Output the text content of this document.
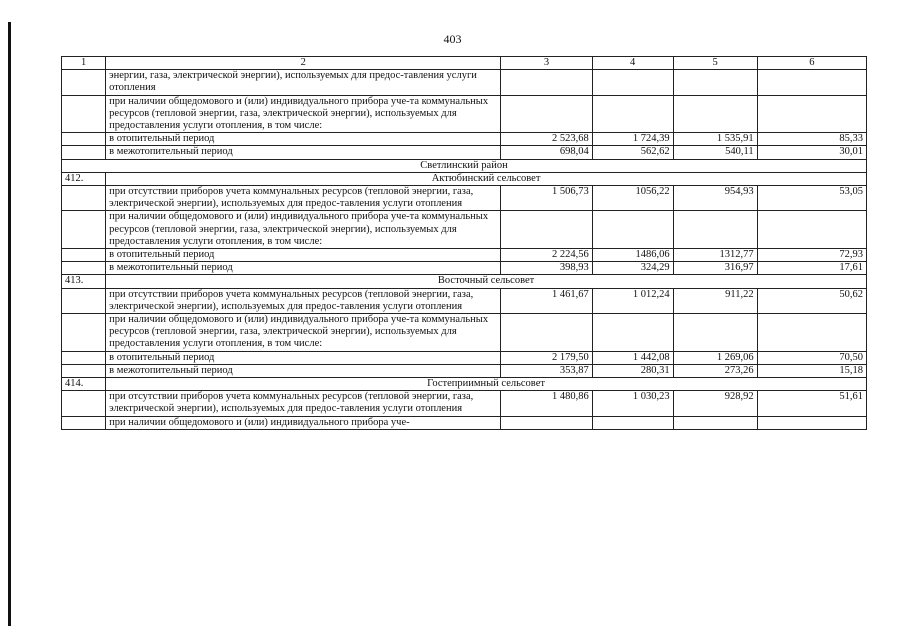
403
1	2	3	4	5	6
	энергии, газа, электрической энергии), используемых для предос-тавления услуги отопления				
	при наличии общедомового и (или) индивидуального прибора уче-та коммунальных ресурсов (тепловой энергии, газа, электрической энергии), используемых для предоставления услуги отопления, в том числе:				
	в отопительный период	2 523,68	1 724,39	1 535,91	85,33
	в межотопительный период	698,04	562,62	540,11	30,01
Светлинский район					
412.	Актюбинский сельсовет				
	при отсутствии приборов учета коммунальных ресурсов (тепловой энергии, газа, электрической энергии), используемых для предос-тавления услуги отопления	1 506,73	1056,22	954,93	53,05
	при наличии общедомового и (или) индивидуального прибора уче-та коммунальных ресурсов (тепловой энергии, газа, электрической энергии), используемых для предоставления услуги отопления, в том числе:				
	в отопительный период	2 224,56	1486,06	1312,77	72,93
	в межотопительный период	398,93	324,29	316,97	17,61
413.	Восточный сельсовет				
	при отсутствии приборов учета коммунальных ресурсов (тепловой энергии, газа, электрической энергии), используемых для предос-тавления услуги отопления	1 461,67	1 012,24	911,22	50,62
	при наличии общедомового и (или) индивидуального прибора уче-та коммунальных ресурсов (тепловой энергии, газа, электрической энергии), используемых для предоставления услуги отопления, в том числе:				
	в отопительный период	2 179,50	1 442,08	1 269,06	70,50
	в межотопительный период	353,87	280,31	273,26	15,18
414.	Гостеприимный сельсовет				
	при отсутствии приборов учета коммунальных ресурсов (тепловой энергии, газа, электрической энергии), используемых для предос-тавления услуги отопления	1 480,86	1 030,23	928,92	51,61
	при наличии общедомового и (или) индивидуального прибора уче-				
